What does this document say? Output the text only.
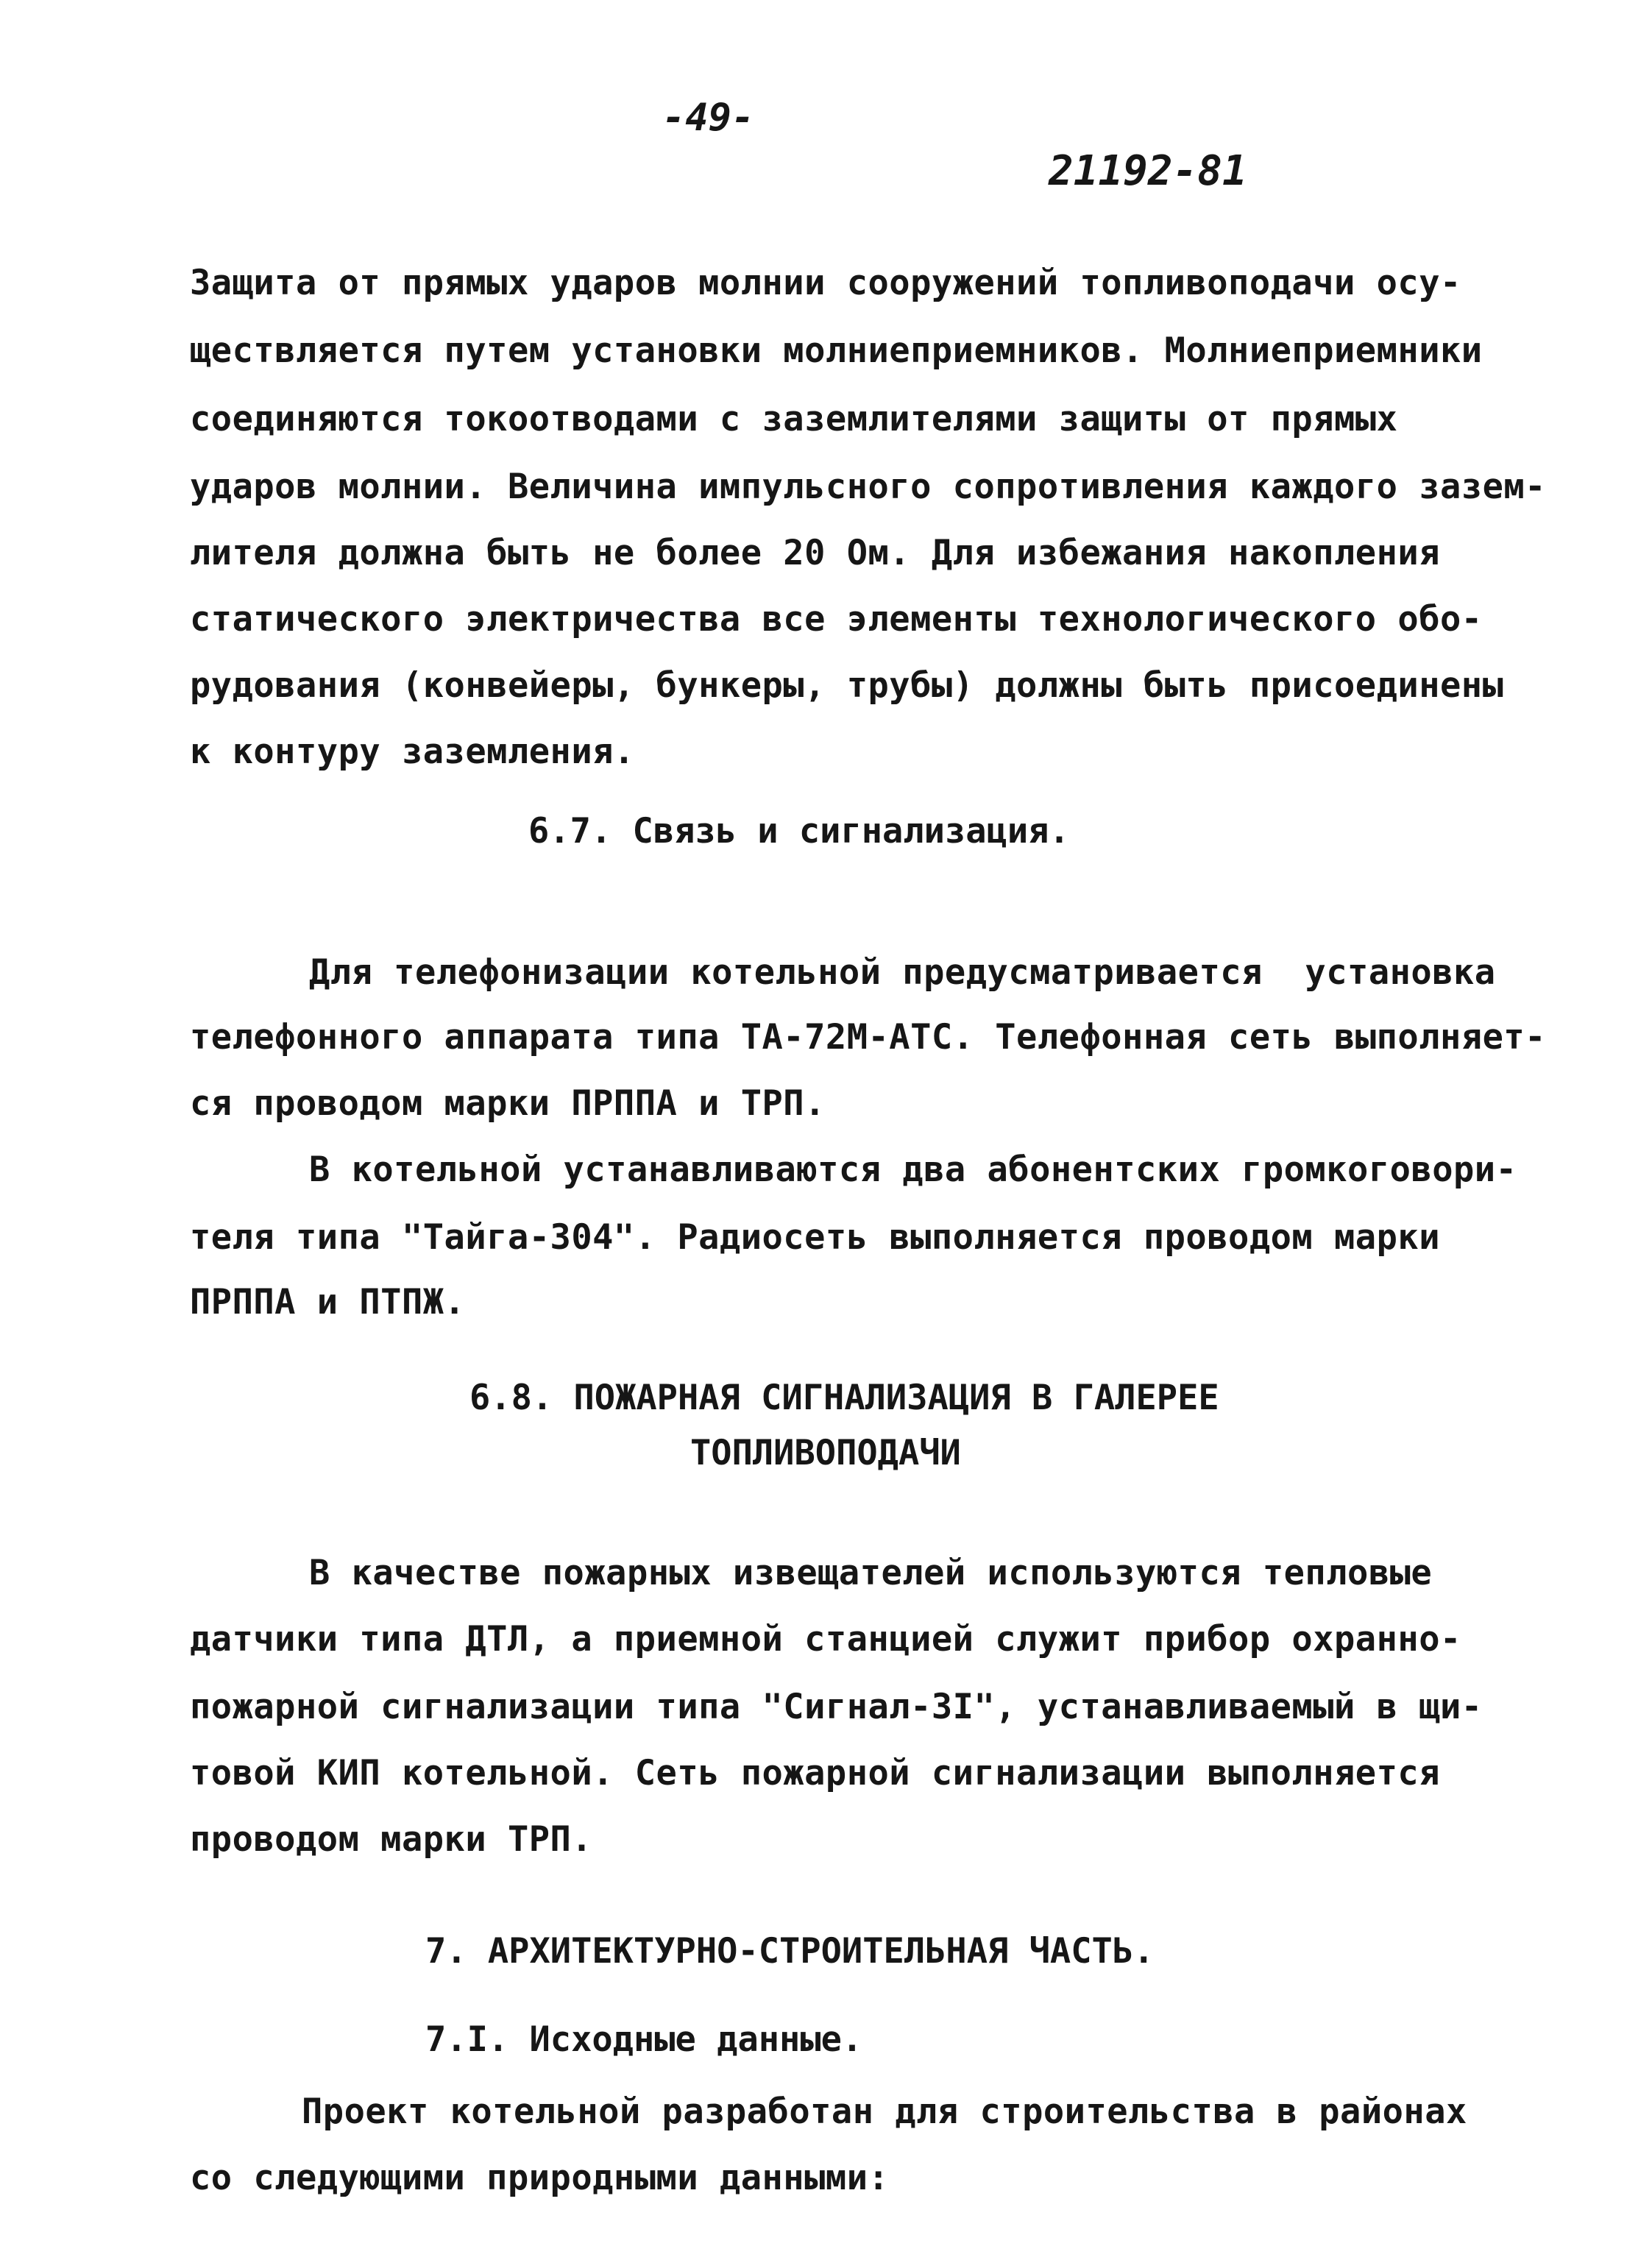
-49-
21192-81
Защита от прямых ударов молнии сооружений топливоподачи осу-
ществляется путем установки молниеприемников. Молниеприемники
соединяются токоотводами с заземлителями защиты от прямых
ударов молнии. Величина импульсного сопротивления каждого зазем-
лителя должна быть не более 20 Ом. Для избежания накопления
статического электричества все элементы технологического обо-
рудования (конвейеры, бункеры, трубы) должны быть присоединены
к контуру заземления.
6.7. Связь и сигнализация.
Для телефонизации котельной предусматривается  установка
телефонного аппарата типа ТА-72М-АТС. Телефонная сеть выполняет-
ся проводом марки ПРППА и ТРП.
В котельной устанавливаются два абонентских громкоговори-
теля типа "Тайга-304". Радиосеть выполняется проводом марки
ПРППА и ПТПЖ.
6.8. ПОЖАРНАЯ СИГНАЛИЗАЦИЯ В ГАЛЕРЕЕ
ТОПЛИВОПОДАЧИ
В качестве пожарных извещателей используются тепловые
датчики типа ДТЛ, а приемной станцией служит прибор охранно-
пожарной сигнализации типа "Сигнал-3I", устанавливаемый в щи-
товой КИП котельной. Сеть пожарной сигнализации выполняется
проводом марки ТРП.
7. АРХИТЕКТУРНО-СТРОИТЕЛЬНАЯ ЧАСТЬ.
7.I. Исходные данные.
Проект котельной разработан для строительства в районах
со следующими природными данными:
